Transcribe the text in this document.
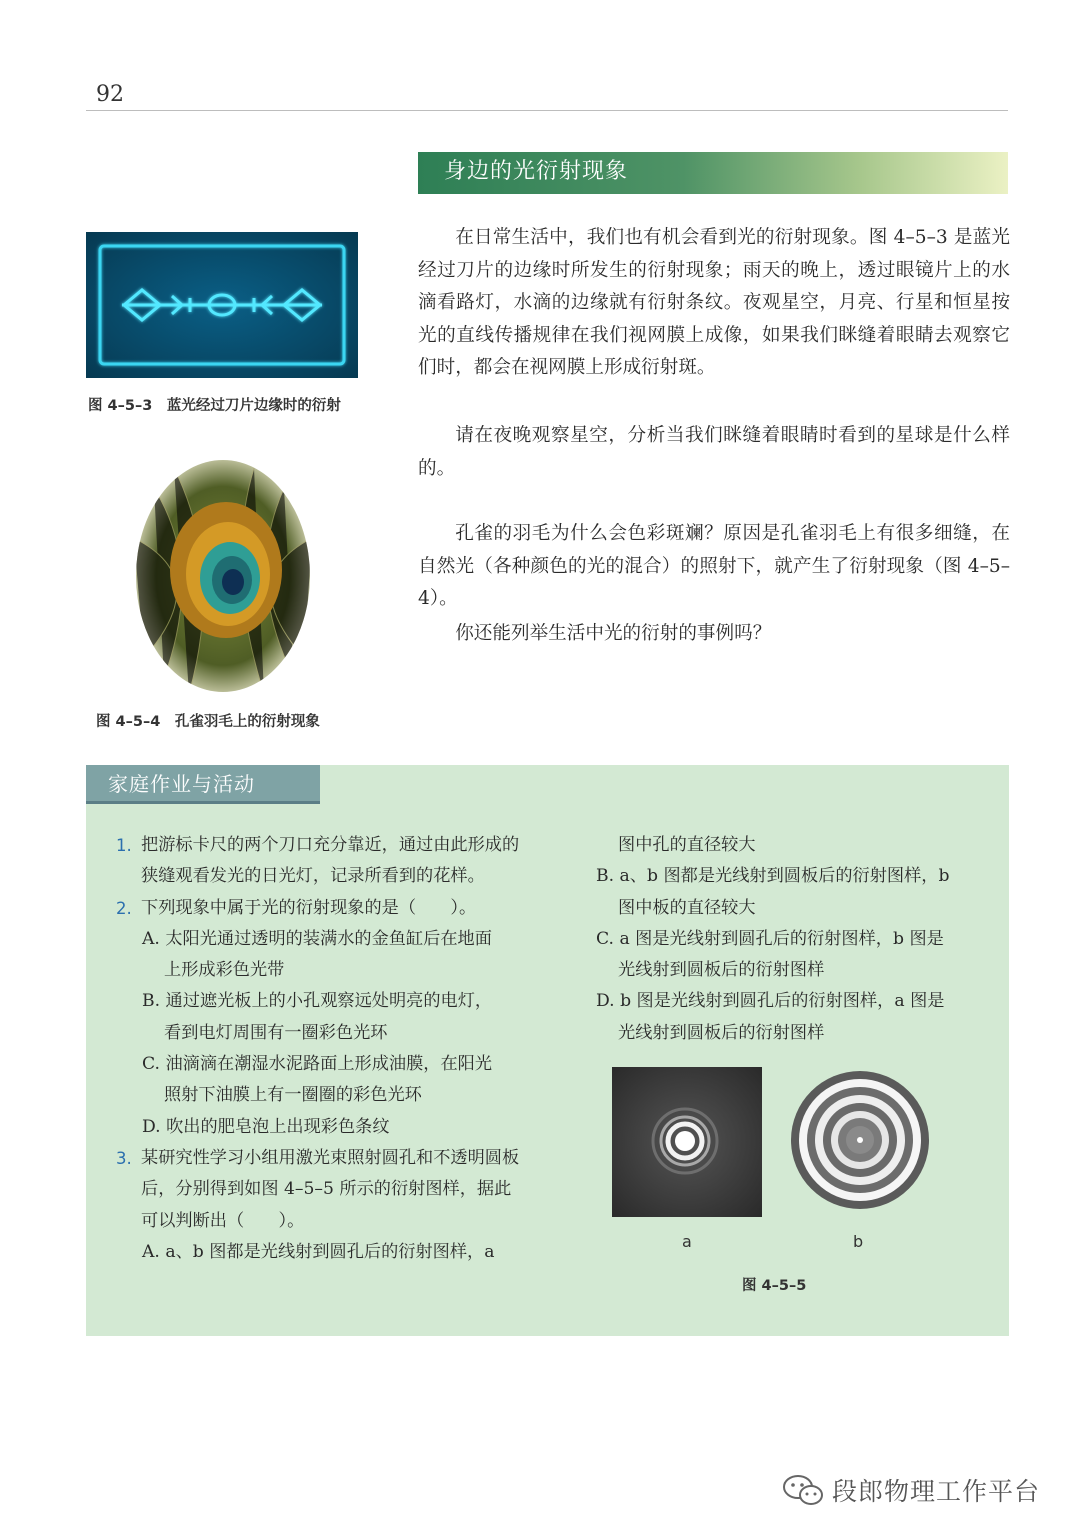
92
身边的光衍射现象
在日常生活中，我们也有机会看到光的衍射现象。图 4–5–3 是蓝光经过刀片的边缘时所发生的衍射现象；雨天的晚上，透过眼镜片上的水滴看路灯，水滴的边缘就有衍射条纹。夜观星空，月亮、行星和恒星按光的直线传播规律在我们视网膜上成像，如果我们眯缝着眼睛去观察它们时，都会在视网膜上形成衍射斑。
请在夜晚观察星空，分析当我们眯缝着眼睛时看到的星球是什么样的。
孔雀的羽毛为什么会色彩斑斓？原因是孔雀羽毛上有很多细缝，在自然光（各种颜色的光的混合）的照射下，就产生了衍射现象（图 4–5–4）。
你还能列举生活中光的衍射的事例吗？
图 4–5–3　蓝光经过刀片边缘时的衍射
图 4–5–4　孔雀羽毛上的衍射现象
家庭作业与活动
1. 把游标卡尺的两个刀口充分靠近，通过由此形成的狭缝观看发光的日光灯，记录所看到的花样。
2. 下列现象中属于光的衍射现象的是（　　）。
A. 太阳光通过透明的装满水的金鱼缸后在地面
上形成彩色光带
B. 通过遮光板上的小孔观察远处明亮的电灯，
看到电灯周围有一圈彩色光环
C. 油滴滴在潮湿水泥路面上形成油膜，在阳光
照射下油膜上有一圈圈的彩色光环
D. 吹出的肥皂泡上出现彩色条纹
3. 某研究性学习小组用激光束照射圆孔和不透明圆板后，分别得到如图 4–5–5 所示的衍射图样，据此可以判断出（　　）。
A. a、b 图都是光线射到圆孔后的衍射图样，a
图中孔的直径较大
B. a、b 图都是光线射到圆板后的衍射图样，b
图中板的直径较大
C. a 图是光线射到圆孔后的衍射图样，b 图是
光线射到圆板后的衍射图样
D. b 图是光线射到圆孔后的衍射图样，a 图是
光线射到圆板后的衍射图样
a	b
图 4–5–5
段郎物理工作平台
